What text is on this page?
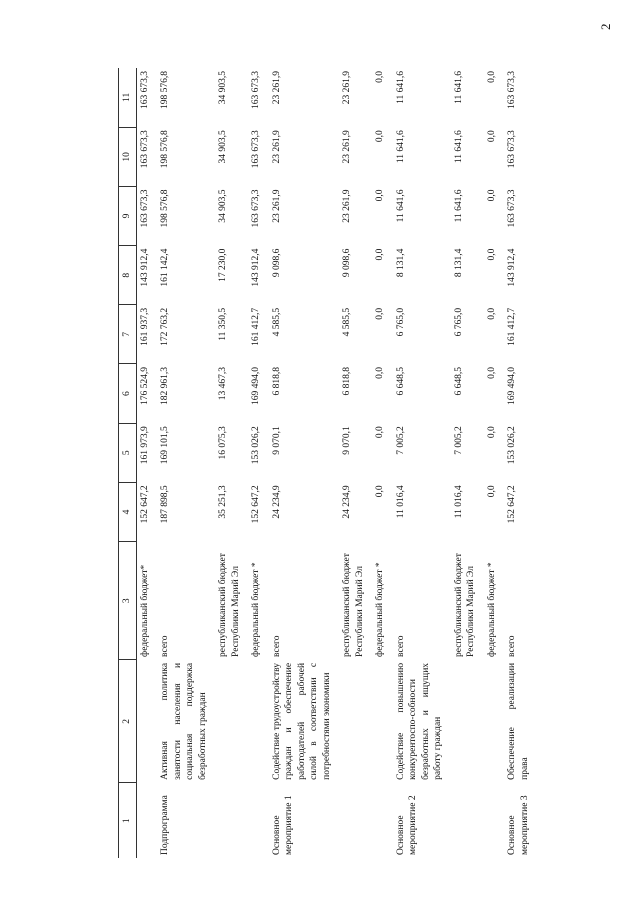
2
1	2	3	4	5	6	7	8	9	10	11
		федеральный бюджет*	152 647,2	161 973,9	176 524,9	161 937,3	143 912,4	163 673,3	163 673,3	163 673,3
Подпрограмма	Активная политика занятости населения и социальная поддержка безработных граждан	всего	187 898,5	169 101,5	182 961,3	172 763,2	161 142,4	198 576,8	198 576,8	198 576,8
		республиканский бюджет Республики Марий Эл	35 251,3	16 075,3	13 467,3	11 350,5	17 230,0	34 903,5	34 903,5	34 903,5
		федеральный бюджет *	152 647,2	153 026,2	169 494,0	161 412,7	143 912,4	163 673,3	163 673,3	163 673,3
Основное мероприятие 1	Содействие трудоустройству граждан и обеспечение работодателей рабочей силой в соответствии с потребностями экономики	всего	24 234,9	9 070,1	6 818,8	4 585,5	9 098,6	23 261,9	23 261,9	23 261,9
		республиканский бюджет Республики Марий Эл	24 234,9	9 070,1	6 818,8	4 585,5	9 098,6	23 261,9	23 261,9	23 261,9
		федеральный бюджет *	0,0	0,0	0,0	0,0	0,0	0,0	0,0	0,0
Основное мероприятие 2	Содействие повышению конкурентоспо-собности безработных и ищущих работу граждан	всего	11 016,4	7 005,2	6 648,5	6 765,0	8 131,4	11 641,6	11 641,6	11 641,6
		республиканский бюджет Республики Марий Эл	11 016,4	7 005,2	6 648,5	6 765,0	8 131,4	11 641,6	11 641,6	11 641,6
		федеральный бюджет *	0,0	0,0	0,0	0,0	0,0	0,0	0,0	0,0
Основное мероприятие 3	Обеспечение реализации права	всего	152 647,2	153 026,2	169 494,0	161 412,7	143 912,4	163 673,3	163 673,3	163 673,3
